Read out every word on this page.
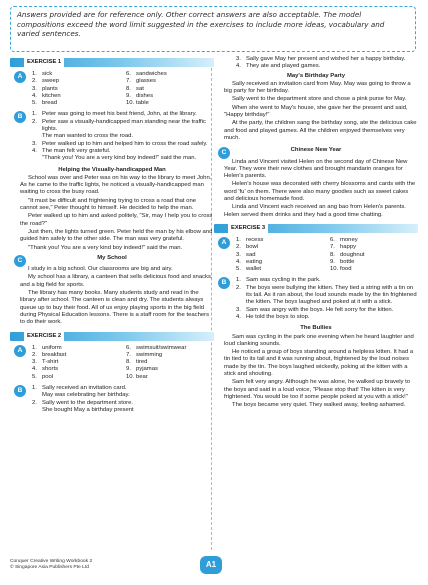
Answers provided are for reference only. Other correct answers are also acceptable. The model compositions exceed the word limit suggested in the exercises to include more ideas, vocabulary and varied sentences.
EXERCISE 1
A	1. sick	6. sandwiches
2. sweep	7. glasses
3. plants	8. sat
4. kitchen	9. dishes
5. bread	10. table
B	1. Peter was going to meet his best friend, John, at the library.
2. Peter saw a visually-handicapped man standing near the traffic lights.
The man wanted to cross the road.
3. Peter walked up to him and helped him to cross the road safely.
4. The man felt very grateful.
"Thank you! You are a very kind boy indeed!" said the man.
Helping the Visually-handicapped Man

School was over and Peter was on his way to the library to meet John. As he came to the traffic lights, he noticed a visually-handicapped man waiting to cross the busy road.

"It must be difficult and frightening trying to cross a road that one cannot see," Peter thought to himself. He decided to help the man.

Peter walked up to him and asked politely, "Sir, may I help you to cross the road?"

Just then, the lights turned green. Peter held the man by his elbow and guided him safely to the other side. The man was very grateful.

"Thank you! You are a very kind boy indeed!" said the man.

C	My School

I study in a big school. Our classrooms are big and airy.

My school has a library, a canteen that sells delicious food and snacks, and a big field for sports.

The library has many books. Many students study and read in the library after school. The canteen is clean and dry. The students always queue up to buy their food. All of us enjoy playing sports in the big field during Physical Education lessons. There is a staff room for the teachers to do their work.

EXERCISE 2
A	1. uniform	6. swimsuit/swimwear
2. breakfast	7. swimming
3. T-shirt	8. tired
4. shorts	9. pyjamas
5. pool	10. bear
B	1. Sally received an invitation card.
May was celebrating her birthday.
2. Sally went to the department store.
She bought May a birthday present
3. Sally gave May her present and wished her a happy birthday.
4. They ate and played games.
May's Birthday Party

Sally received an invitation card from May. May was going to throw a big party for her birthday.

Sally went to the department store and chose a pink purse for May.

When she went to May's house, she gave her the present and said, "Happy birthday!"

At the party, the children sang the birthday song, ate the delicious cake and food and played games. All the children enjoyed themselves very much.

C	Chinese New Year

Linda and Vincent visited Helen on the second day of Chinese New Year. They wore their new clothes and brought mandarin oranges for Helen's parents.

Helen's house was decorated with cherry blossoms and cards with the word 'fu' on them. There were also many goodies such as sweet cakes and delicious homemade food.

Linda and Vincent each received an ang bao from Helen's parents. Helen served them drinks and they had a good time chatting.

EXERCISE 3
A	1. recess	6. money
2. bowl	7. happy
3. sad	8. doughnut
4. eating	9. bottle
5. wallet	10. food
B	1. Sam was cycling in the park.
2. The boys were bullying the kitten. They tied a string with a tin on its tail. As it ran about, the loud sounds made by the tin frightened the kitten. The boys laughed and poked at it with a stick.
3. Sam was angry with the boys. He felt sorry for the kitten.
4. He told the boys to stop.
The Bullies

Sam was cycling in the park one evening when he heard laughter and loud clanking sounds.

He noticed a group of boys standing around a helpless kitten. It had a tin tied to its tail and it was running about, frightened by the loud noises made by the tin. The boys laughed wickedly, poking at the kitten with a stick and shouting.

Sam felt very angry. Although he was alone, he walked up bravely to the boys and said in a loud voice, "Please stop that! The kitten is very frightened. You would be too if some people poked at you with a stick!"

The boys became very quiet. They walked away, feeling ashamed.

Conquer Creative Writing Workbook 2
© Singapore Asia Publishers Pte Ltd	A1
